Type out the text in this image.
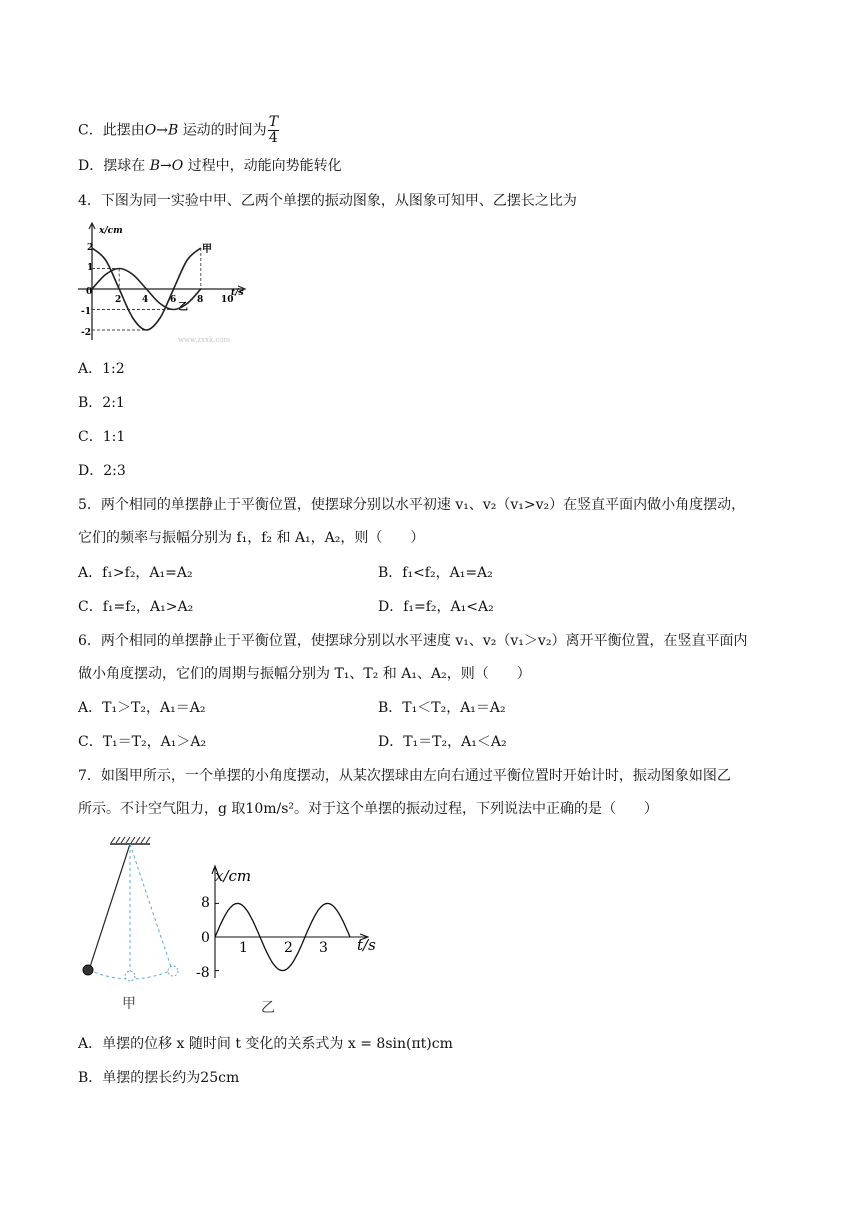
C．此摆由O→B 运动的时间为 $\frac{T}{4}$
D．摆球在 B→O 过程中，动能向势能转化
4．下图为同一实验中甲、乙两个单摆的振动图象，从图象可知甲、乙摆长之比为
x/cm
t/s
2
1
0
-1
-2
2 4 6 8 10
甲
乙
www.zxxk.com
A．1:2
B．2:1
C．1:1
D．2:3
5．两个相同的单摆静止于平衡位置，使摆球分别以水平初速 v₁、v₂（v₁>v₂）在竖直平面内做小角度摆动，
它们的频率与振幅分别为 f₁，f₂ 和 A₁，A₂，则（　　）
A．f₁>f₂，A₁=A₂	B．f₁<f₂，A₁=A₂
C．f₁=f₂，A₁>A₂	D．f₁=f₂，A₁<A₂
6．两个相同的单摆静止于平衡位置，使摆球分别以水平速度 v₁、v₂（v₁＞v₂）离开平衡位置，在竖直平面内
做小角度摆动，它们的周期与振幅分别为 T₁、T₂ 和 A₁、A₂，则（　　）
A．T₁＞T₂，A₁＝A₂	B．T₁＜T₂，A₁＝A₂
C．T₁＝T₂，A₁＞A₂	D．T₁＝T₂，A₁＜A₂
7．如图甲所示，一个单摆的小角度摆动，从某次摆球由左向右通过平衡位置时开始计时，振动图象如图乙
所示。不计空气阻力，g 取10m/s²。对于这个单摆的振动过程，下列说法中正确的是（　　）
甲
x/cm
t/s
8
0
-8
1	2 3
乙
A．单摆的位移 x 随时间 t 变化的关系式为 x = 8sin(πt)cm
B．单摆的摆长约为25cm
